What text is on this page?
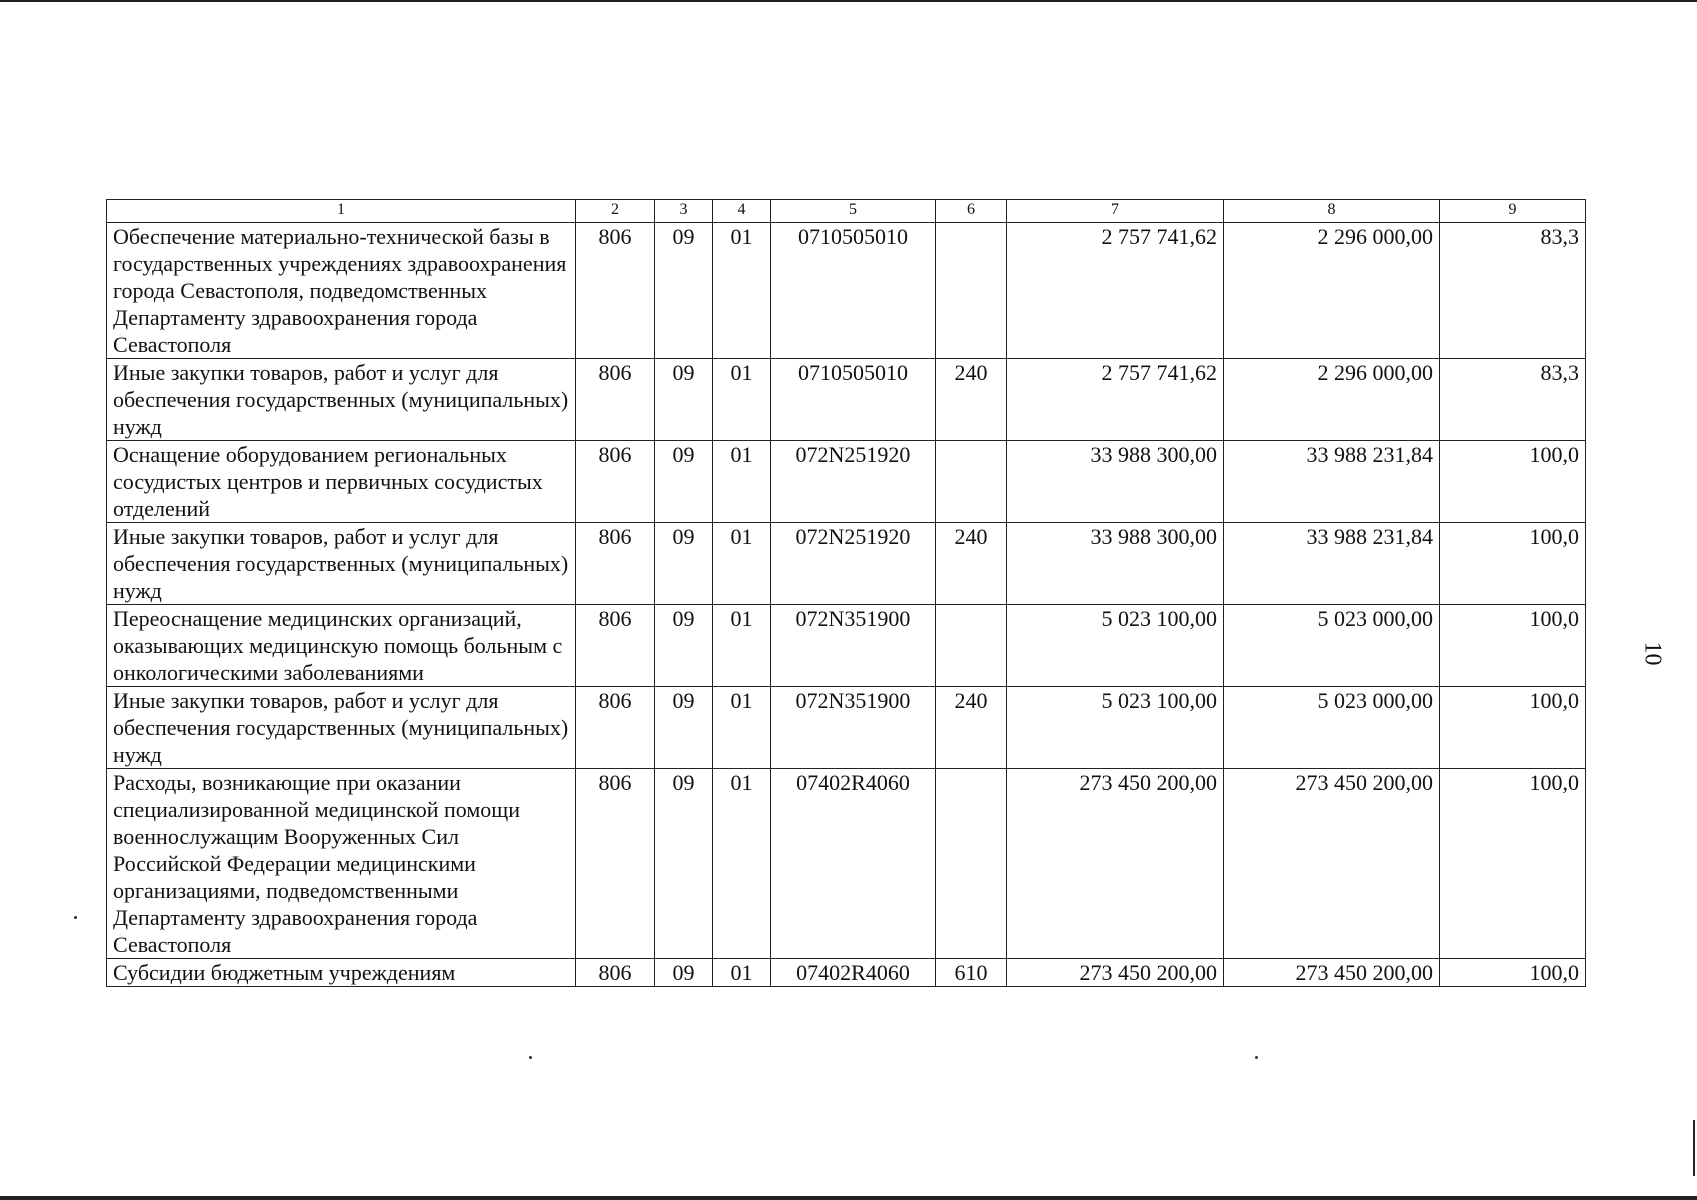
10
1	2	3	4	5	6	7	8	9
Обеспечение материально-технической базы в государственных учреждениях здравоохранения города Севастополя, подведомственных Департаменту здравоохранения города Севастополя	806	09	01	0710505010		2 757 741,62	2 296 000,00	83,3
Иные закупки товаров, работ и услуг для обеспечения государственных (муниципальных) нужд	806	09	01	0710505010	240	2 757 741,62	2 296 000,00	83,3
Оснащение оборудованием региональных сосудистых центров и первичных сосудистых отделений	806	09	01	072N251920		33 988 300,00	33 988 231,84	100,0
Иные закупки товаров, работ и услуг для обеспечения государственных (муниципальных) нужд	806	09	01	072N251920	240	33 988 300,00	33 988 231,84	100,0
Переоснащение медицинских организаций, оказывающих медицинскую помощь больным с онкологическими заболеваниями	806	09	01	072N351900		5 023 100,00	5 023 000,00	100,0
Иные закупки товаров, работ и услуг для обеспечения государственных (муниципальных) нужд	806	09	01	072N351900	240	5 023 100,00	5 023 000,00	100,0
Расходы, возникающие при оказании специализированной медицинской помощи военнослужащим Вооруженных Сил Российской Федерации медицинскими организациями, подведомственными Департаменту здравоохранения города Севастополя	806	09	01	07402R4060		273 450 200,00	273 450 200,00	100,0
Субсидии бюджетным учреждениям	806	09	01	07402R4060	610	273 450 200,00	273 450 200,00	100,0
